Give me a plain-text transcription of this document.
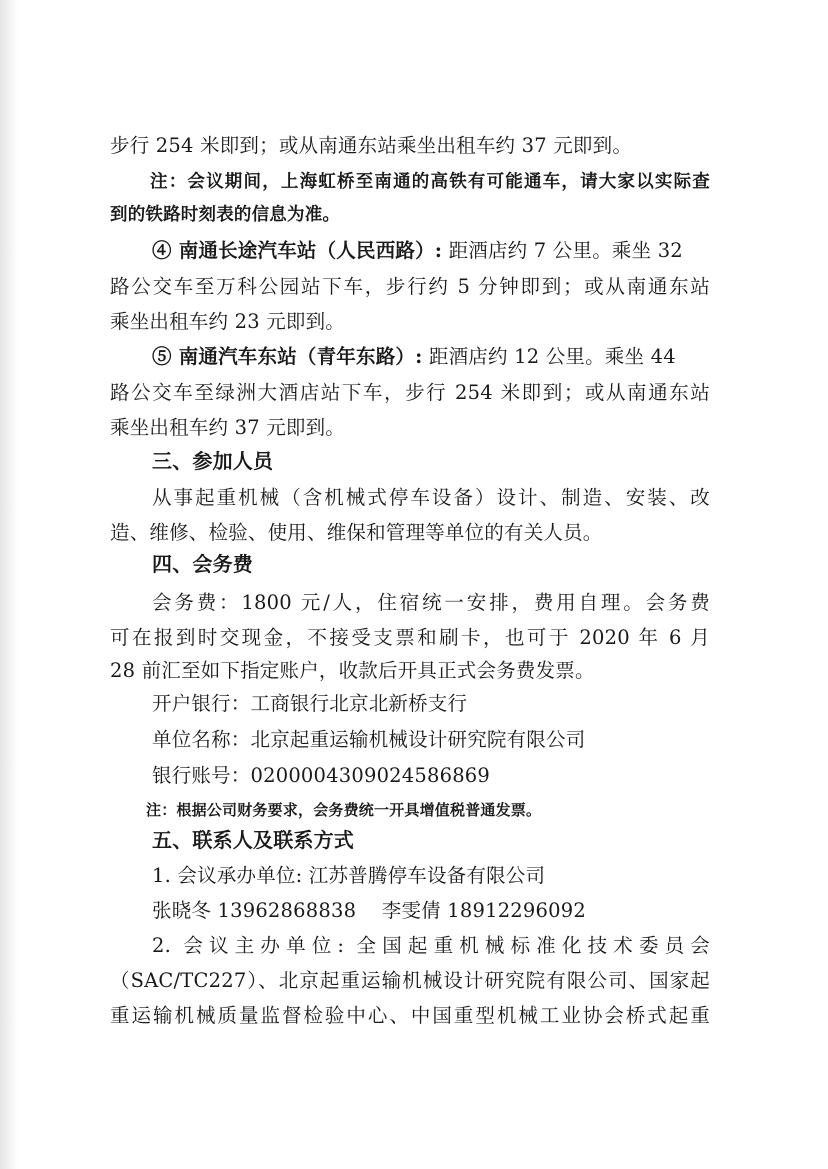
步行 254 米即到；或从南通东站乘坐出租车约 37 元即到。
注：会议期间，上海虹桥至南通的高铁有可能通车，请大家以实际查
到的铁路时刻表的信息为准。
④ 南通长途汽车站（人民西路）: 距酒店约 7 公里。乘坐 32
路公交车至万科公园站下车，步行约 5 分钟即到；或从南通东站
乘坐出租车约 23 元即到。
⑤ 南通汽车东站（青年东路）: 距酒店约 12 公里。乘坐 44
路公交车至绿洲大酒店站下车，步行 254 米即到；或从南通东站
乘坐出租车约 37 元即到。
三、参加人员
从事起重机械（含机械式停车设备）设计、制造、安装、改
造、维修、检验、使用、维保和管理等单位的有关人员。
四、会务费
会务费：1800 元/人，住宿统一安排，费用自理。会务费
可在报到时交现金，不接受支票和刷卡，也可于 2020 年 6 月
28 前汇至如下指定账户，收款后开具正式会务费发票。
开户银行：工商银行北京北新桥支行
单位名称：北京起重运输机械设计研究院有限公司
银行账号：0200004309024586869
注：根据公司财务要求，会务费统一开具增值税普通发票。
五、联系人及联系方式
1. 会议承办单位: 江苏普腾停车设备有限公司
张晓冬 13962868838    李雯倩 18912296092
2. 会议主办单位: 全国起重机械标准化技术委员会
（SAC/TC227）、北京起重运输机械设计研究院有限公司、国家起
重运输机械质量监督检验中心、中国重型机械工业协会桥式起重
